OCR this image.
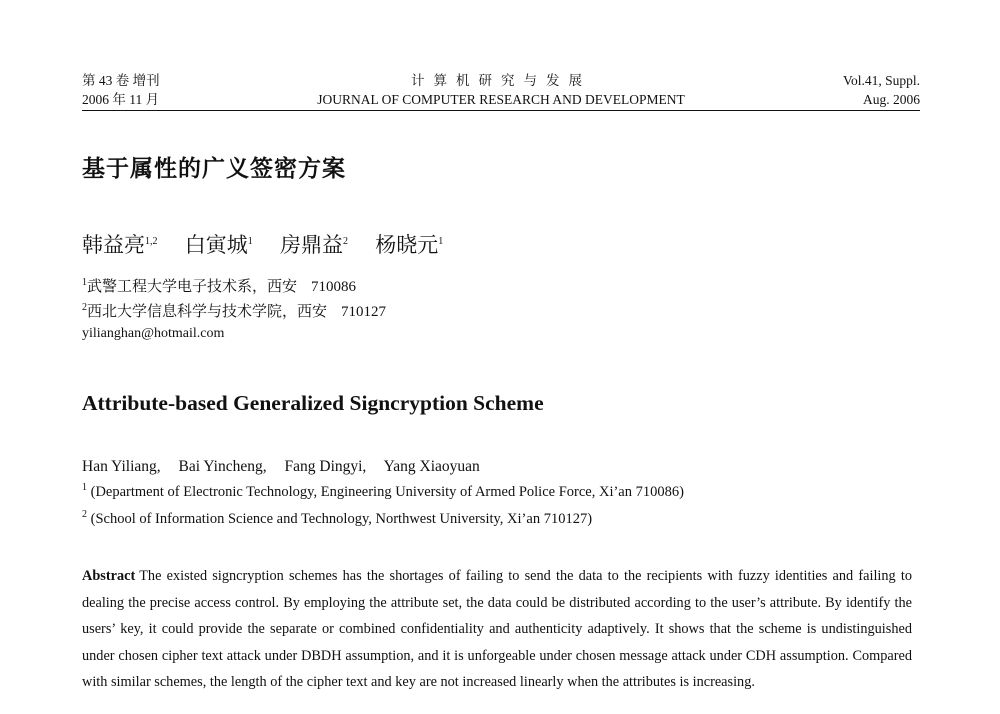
第 43 卷 增刊
2006 年 11 月
计算机研究与发展
JOURNAL OF COMPUTER RESEARCH AND DEVELOPMENT
Vol.41, Suppl.
Aug. 2006
基于属性的广义签密方案
韩益亮$^{1,2}$ 白寅城$^1$ 房鼎益$^2$ 杨晓元$^1$
$^1$武警工程大学电子技术系，西安 710086
$^2$西北大学信息科学与技术学院，西安 710127
yilianghan@hotmail.com
Attribute-based Generalized Signcryption Scheme
Han Yiliang, Bai Yincheng, Fang Dingyi, Yang Xiaoyuan
$^1$ (Department of Electronic Technology, Engineering University of Armed Police Force, Xi’an 710086)
$^2$ (School of Information Science and Technology, Northwest University, Xi’an 710127)
Abstract The existed signcryption schemes has the shortages of failing to send the data to the recipients with fuzzy identities and failing to dealing the precise access control. By employing the attribute set, the data could be distributed according to the user’s attribute. By identify the users’ key, it could provide the separate or combined confidentiality and authenticity adaptively. It shows that the scheme is undistinguished under chosen cipher text attack under DBDH assumption, and it is unforgeable under chosen message attack under CDH assumption. Compared with similar schemes, the length of the cipher text and key are not increased linearly when the attributes is increasing.
